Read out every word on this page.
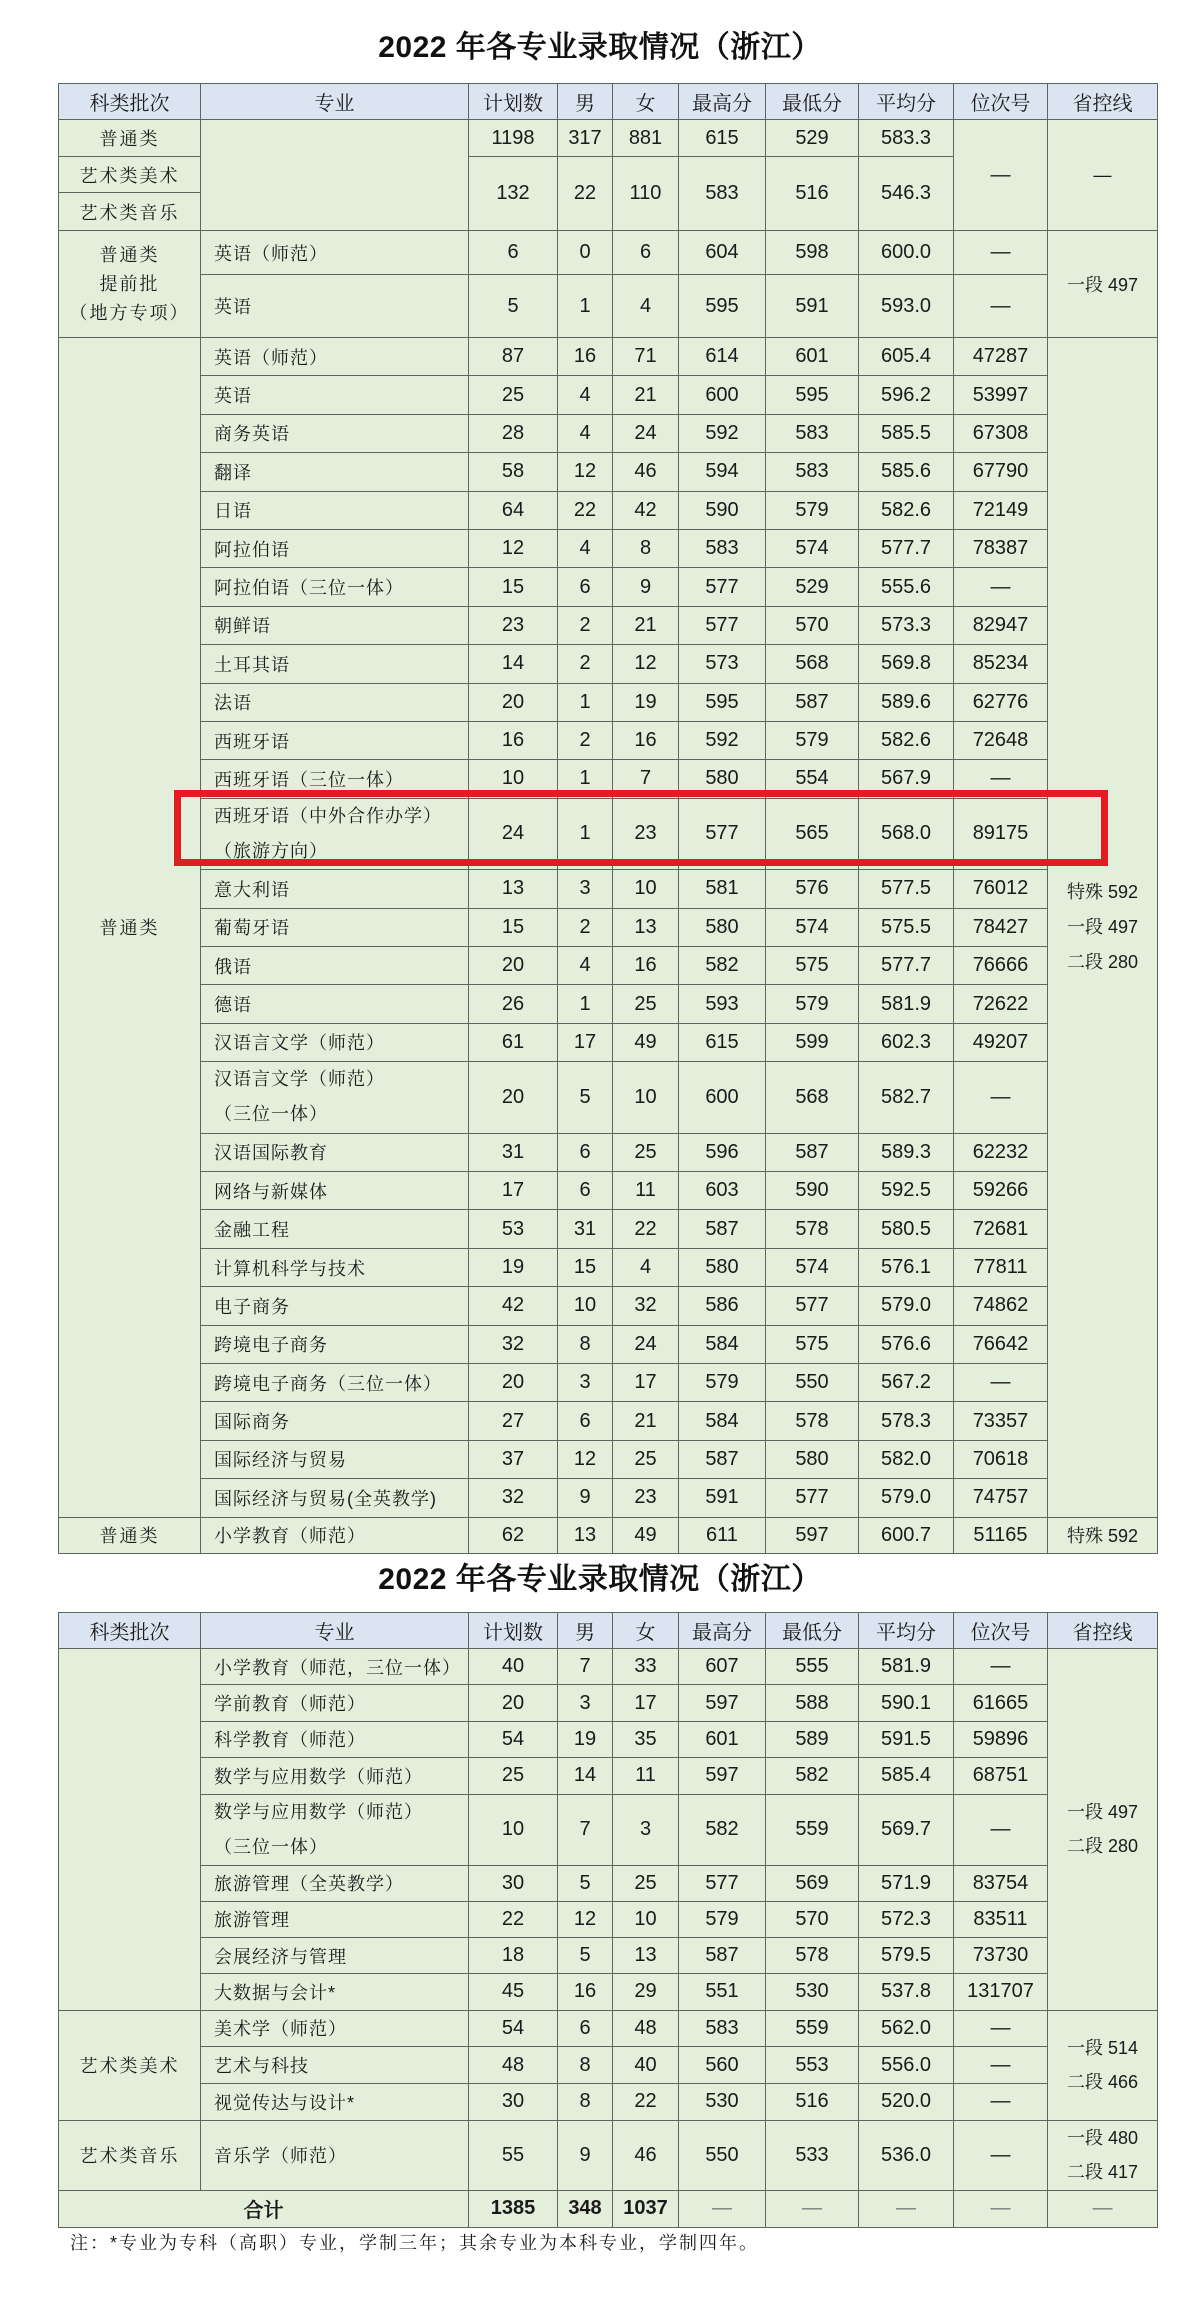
2022 年各专业录取情况（浙江）
科类批次	专业	计划数	男	女	最高分	最低分	平均分	位次号	省控线
普通类		1198	317	881	615	529	583.3	—	—
艺术类美术		132	22	110	583	516	546.3		
艺术类音乐									

普通类
提前批
（地方专项）	英语（师范）	6	0	6	604	598	600.0	—	一段 497
	英语	5	1	4	595	591	593.0	—	
普通类	英语（师范）	87	16	71	614	601	605.4	47287	特殊 592
一段 497
二段 280

	英语	25	4	21	600	595	596.2	53997	
	商务英语	28	4	24	592	583	585.5	67308	
	翻译	58	12	46	594	583	585.6	67790	
	日语	64	22	42	590	579	582.6	72149	
	阿拉伯语	12	4	8	583	574	577.7	78387	
	阿拉伯语（三位一体）	15	6	9	577	529	555.6	—	
	朝鲜语	23	2	21	577	570	573.3	82947	
	土耳其语	14	2	12	573	568	569.8	85234	
	法语	20	1	19	595	587	589.6	62776	
	西班牙语	16	2	16	592	579	582.6	72648	
	西班牙语（三位一体）	10	1	7	580	554	567.9	—	

	西班牙语（中外合作办学）
（旅游方向）	24	1	23	577	565	568.0	89175	
	意大利语	13	3	10	581	576	577.5	76012	
	葡萄牙语	15	2	13	580	574	575.5	78427	
	俄语	20	4	16	582	575	577.7	76666	
	德语	26	1	25	593	579	581.9	72622	
	汉语言文学（师范）	61	17	49	615	599	602.3	49207	

	汉语言文学（师范）
（三位一体）	20	5	10	600	568	582.7	—	
	汉语国际教育	31	6	25	596	587	589.3	62232	
	网络与新媒体	17	6	11	603	590	592.5	59266	
	金融工程	53	31	22	587	578	580.5	72681	
	计算机科学与技术	19	15	4	580	574	576.1	77811	
	电子商务	42	10	32	586	577	579.0	74862	
	跨境电子商务	32	8	24	584	575	576.6	76642	
	跨境电子商务（三位一体）	20	3	17	579	550	567.2	—	
	国际商务	27	6	21	584	578	578.3	73357	
	国际经济与贸易	37	12	25	587	580	582.0	70618	
	国际经济与贸易(全英教学)	32	9	23	591	577	579.0	74757	
普通类	小学教育（师范）	62	13	49	611	597	600.7	51165	特殊 592
2022 年各专业录取情况（浙江）
科类批次	专业	计划数	男	女	最高分	最低分	平均分	位次号	省控线
	小学教育（师范，三位一体）	40	7	33	607	555	581.9	—	一段 497
二段 280

	学前教育（师范）	20	3	17	597	588	590.1	61665	
	科学教育（师范）	54	19	35	601	589	591.5	59896	
	数学与应用数学（师范）	25	14	11	597	582	585.4	68751	

	数学与应用数学（师范）
（三位一体）	10	7	3	582	559	569.7	—	
	旅游管理（全英教学）	30	5	25	577	569	571.9	83754	
	旅游管理	22	12	10	579	570	572.3	83511	
	会展经济与管理	18	5	13	587	578	579.5	73730	
	大数据与会计*	45	16	29	551	530	537.8	131707	
艺术类美术	美术学（师范）	54	6	48	583	559	562.0	—	一段 514
二段 466

	艺术与科技	48	8	40	560	553	556.0	—	
	视觉传达与设计*	30	8	22	530	516	520.0	—	
艺术类音乐	音乐学（师范）	55	9	46	550	533	536.0	—	一段 480
二段 417

合计		1385	348	1037	—	—	—	—	—
注：*专业为专科（高职）专业，学制三年；其余专业为本科专业，学制四年。
